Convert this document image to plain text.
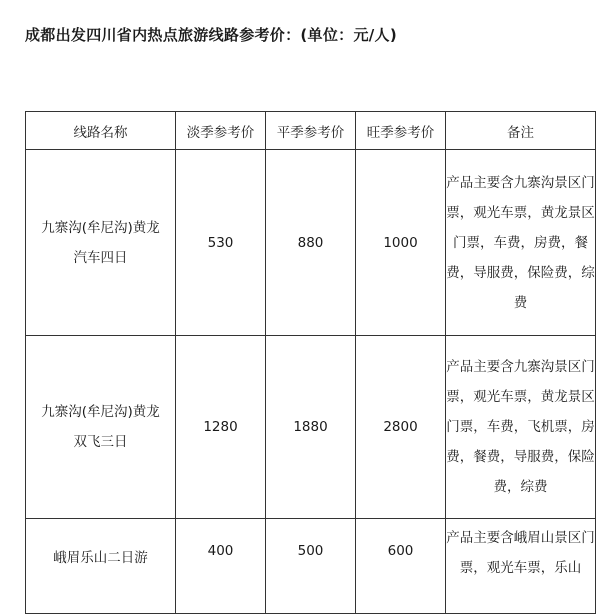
成都出发四川省内热点旅游线路参考价：(单位：元/人)
线路名称	淡季参考价	平季参考价	旺季参考价	备注

九寨沟(牟尼沟)黄龙
汽车四日	530	880	1000	产品主要含九寨沟景区门票，观光车票，黄龙景区门票，车费，房费，餐费，导服费，保险费，综费

九寨沟(牟尼沟)黄龙
双飞三日	1280	1880	2800	产品主要含九寨沟景区门票，观光车票，黄龙景区门票，车费，飞机票，房费，餐费，导服费，保险费，综费

峨眉乐山二日游	400	500	600	产品主要含峨眉山景区门票，观光车票，乐山
